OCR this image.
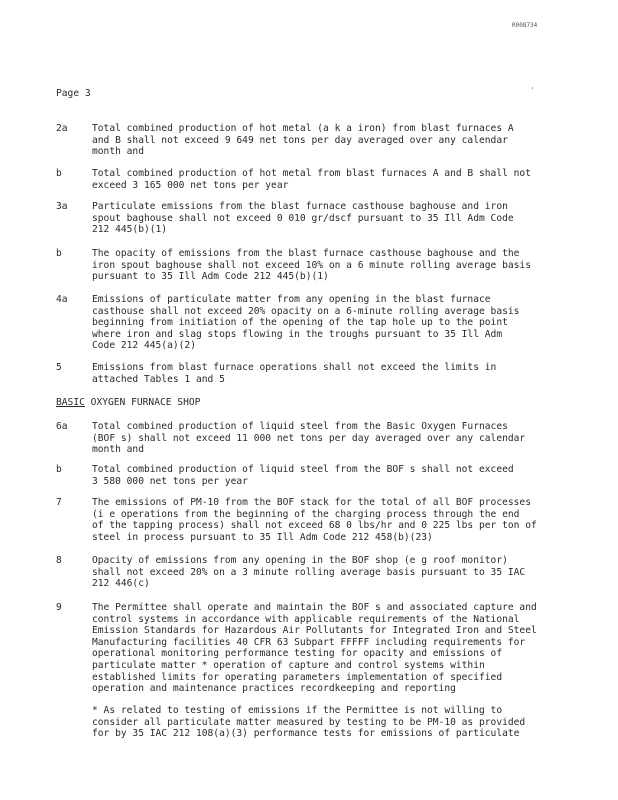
R008734
Page 3	'
2a	Total combined production of hot metal (a k a iron) from blast furnaces A
and B shall not exceed 9 649 net tons per day averaged over any calendar
month and
b	Total combined production of hot metal from blast furnaces A and B shall not
exceed 3 165 000 net tons per year
3a	Particulate emissions from the blast furnace casthouse baghouse and iron
spout baghouse shall not exceed 0 010 gr/dscf pursuant to 35 Ill Adm Code
212 445(b)(1)
b	The opacity of emissions from the blast furnace casthouse baghouse and the
iron spout baghouse shall not exceed 10% on a 6 minute rolling average basis
pursuant to 35 Ill Adm Code 212 445(b)(1)
4a	Emissions of particulate matter from any opening in the blast furnace
casthouse shall not exceed 20% opacity on a 6-minute rolling average basis
beginning from initiation of the opening of the tap hole up to the point
where iron and slag stops flowing in the troughs pursuant to 35 Ill Adm
Code 212 445(a)(2)
5	Emissions from blast furnace operations shall not exceed the limits in
attached Tables 1 and 5
BASIC OXYGEN FURNACE SHOP
6a	Total combined production of liquid steel from the Basic Oxygen Furnaces
(BOF s) shall not exceed 11 000 net tons per day averaged over any calendar
month and
b	Total combined production of liquid steel from the BOF s shall not exceed
3 580 000 net tons per year
7	The emissions of PM-10 from the BOF stack for the total of all BOF processes
(i e operations from the beginning of the charging process through the end
of the tapping process) shall not exceed 68 0 lbs/hr and 0 225 lbs per ton of
steel in process pursuant to 35 Ill Adm Code 212 458(b)(23)
8	Opacity of emissions from any opening in the BOF shop (e g roof monitor)
shall not exceed 20% on a 3 minute rolling average basis pursuant to 35 IAC
212 446(c)
9	The Permittee shall operate and maintain the BOF s and associated capture and
control systems in accordance with applicable requirements of the National
Emission Standards for Hazardous Air Pollutants for Integrated Iron and Steel
Manufacturing facilities 40 CFR 63 Subpart FFFFF including requirements for
operational monitoring performance testing for opacity and emissions of
particulate matter * operation of capture and control systems within
established limits for operating parameters implementation of specified
operation and maintenance practices recordkeeping and reporting
* As related to testing of emissions if the Permittee is not willing to
consider all particulate matter measured by testing to be PM-10 as provided
for by 35 IAC 212 108(a)(3) performance tests for emissions of particulate
